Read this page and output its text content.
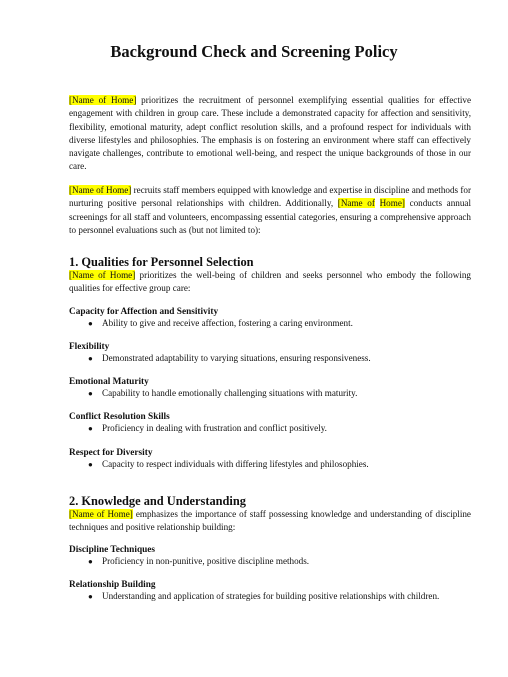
Background Check and Screening Policy
[Name of Home] prioritizes the recruitment of personnel exemplifying essential qualities for effective engagement with children in group care. These include a demonstrated capacity for affection and sensitivity, flexibility, emotional maturity, adept conflict resolution skills, and a profound respect for individuals with diverse lifestyles and philosophies. The emphasis is on fostering an environment where staff can effectively navigate challenges, contribute to emotional well-being, and respect the unique backgrounds of those in our care.
[Name of Home] recruits staff members equipped with knowledge and expertise in discipline and methods for nurturing positive personal relationships with children. Additionally, [Name of Home] conducts annual screenings for all staff and volunteers, encompassing essential categories, ensuring a comprehensive approach to personnel evaluations such as (but not limited to):
1. Qualities for Personnel Selection
[Name of Home] prioritizes the well-being of children and seeks personnel who embody the following qualities for effective group care:
Capacity for Affection and Sensitivity
● Ability to give and receive affection, fostering a caring environment.
Flexibility
● Demonstrated adaptability to varying situations, ensuring responsiveness.
Emotional Maturity
● Capability to handle emotionally challenging situations with maturity.
Conflict Resolution Skills
● Proficiency in dealing with frustration and conflict positively.
Respect for Diversity
● Capacity to respect individuals with differing lifestyles and philosophies.
2. Knowledge and Understanding
[Name of Home] emphasizes the importance of staff possessing knowledge and understanding of discipline techniques and positive relationship building:
Discipline Techniques
● Proficiency in non-punitive, positive discipline methods.
Relationship Building
● Understanding and application of strategies for building positive relationships with children.
